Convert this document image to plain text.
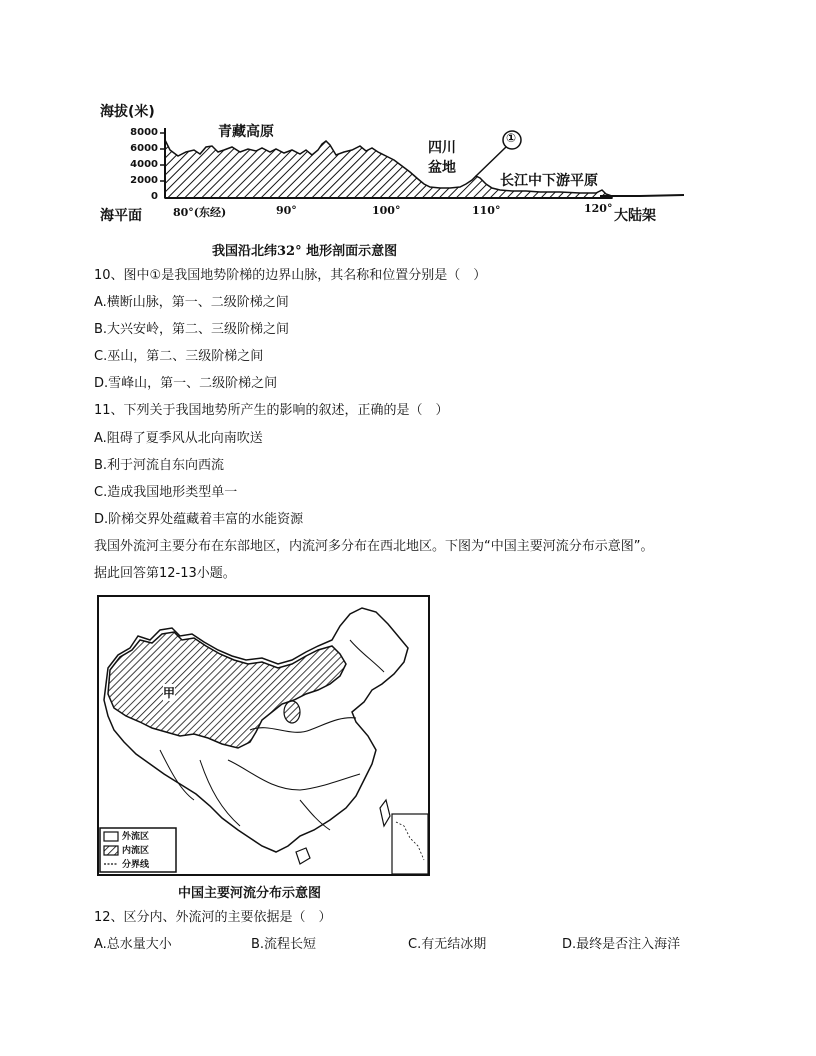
海拔(米)
8000
6000
4000
2000
0
海平面	80°(东经)	90°	100°	110°	120°
青藏高原
四川
盆地
①
长江中下游平原
大陆架
我国沿北纬32° 地形剖面示意图
10、图中①是我国地势阶梯的边界山脉，其名称和位置分别是（　）
A.横断山脉，第一、二级阶梯之间
B.大兴安岭，第二、三级阶梯之间
C.巫山，第二、三级阶梯之间
D.雪峰山，第一、二级阶梯之间
11、下列关于我国地势所产生的影响的叙述，正确的是（　）
A.阻碍了夏季风从北向南吹送
B.利于河流自东向西流
C.造成我国地形类型单一
D.阶梯交界处蕴藏着丰富的水能资源
我国外流河主要分布在东部地区，内流河多分布在西北地区。下图为“中国主要河流分布示意图”。
据此回答第12-13小题。
外流区
内流区
分界线
甲
中国主要河流分布示意图
12、区分内、外流河的主要依据是（　）
A.总水量大小	B.流程长短	C.有无结冰期	D.最终是否注入海洋
